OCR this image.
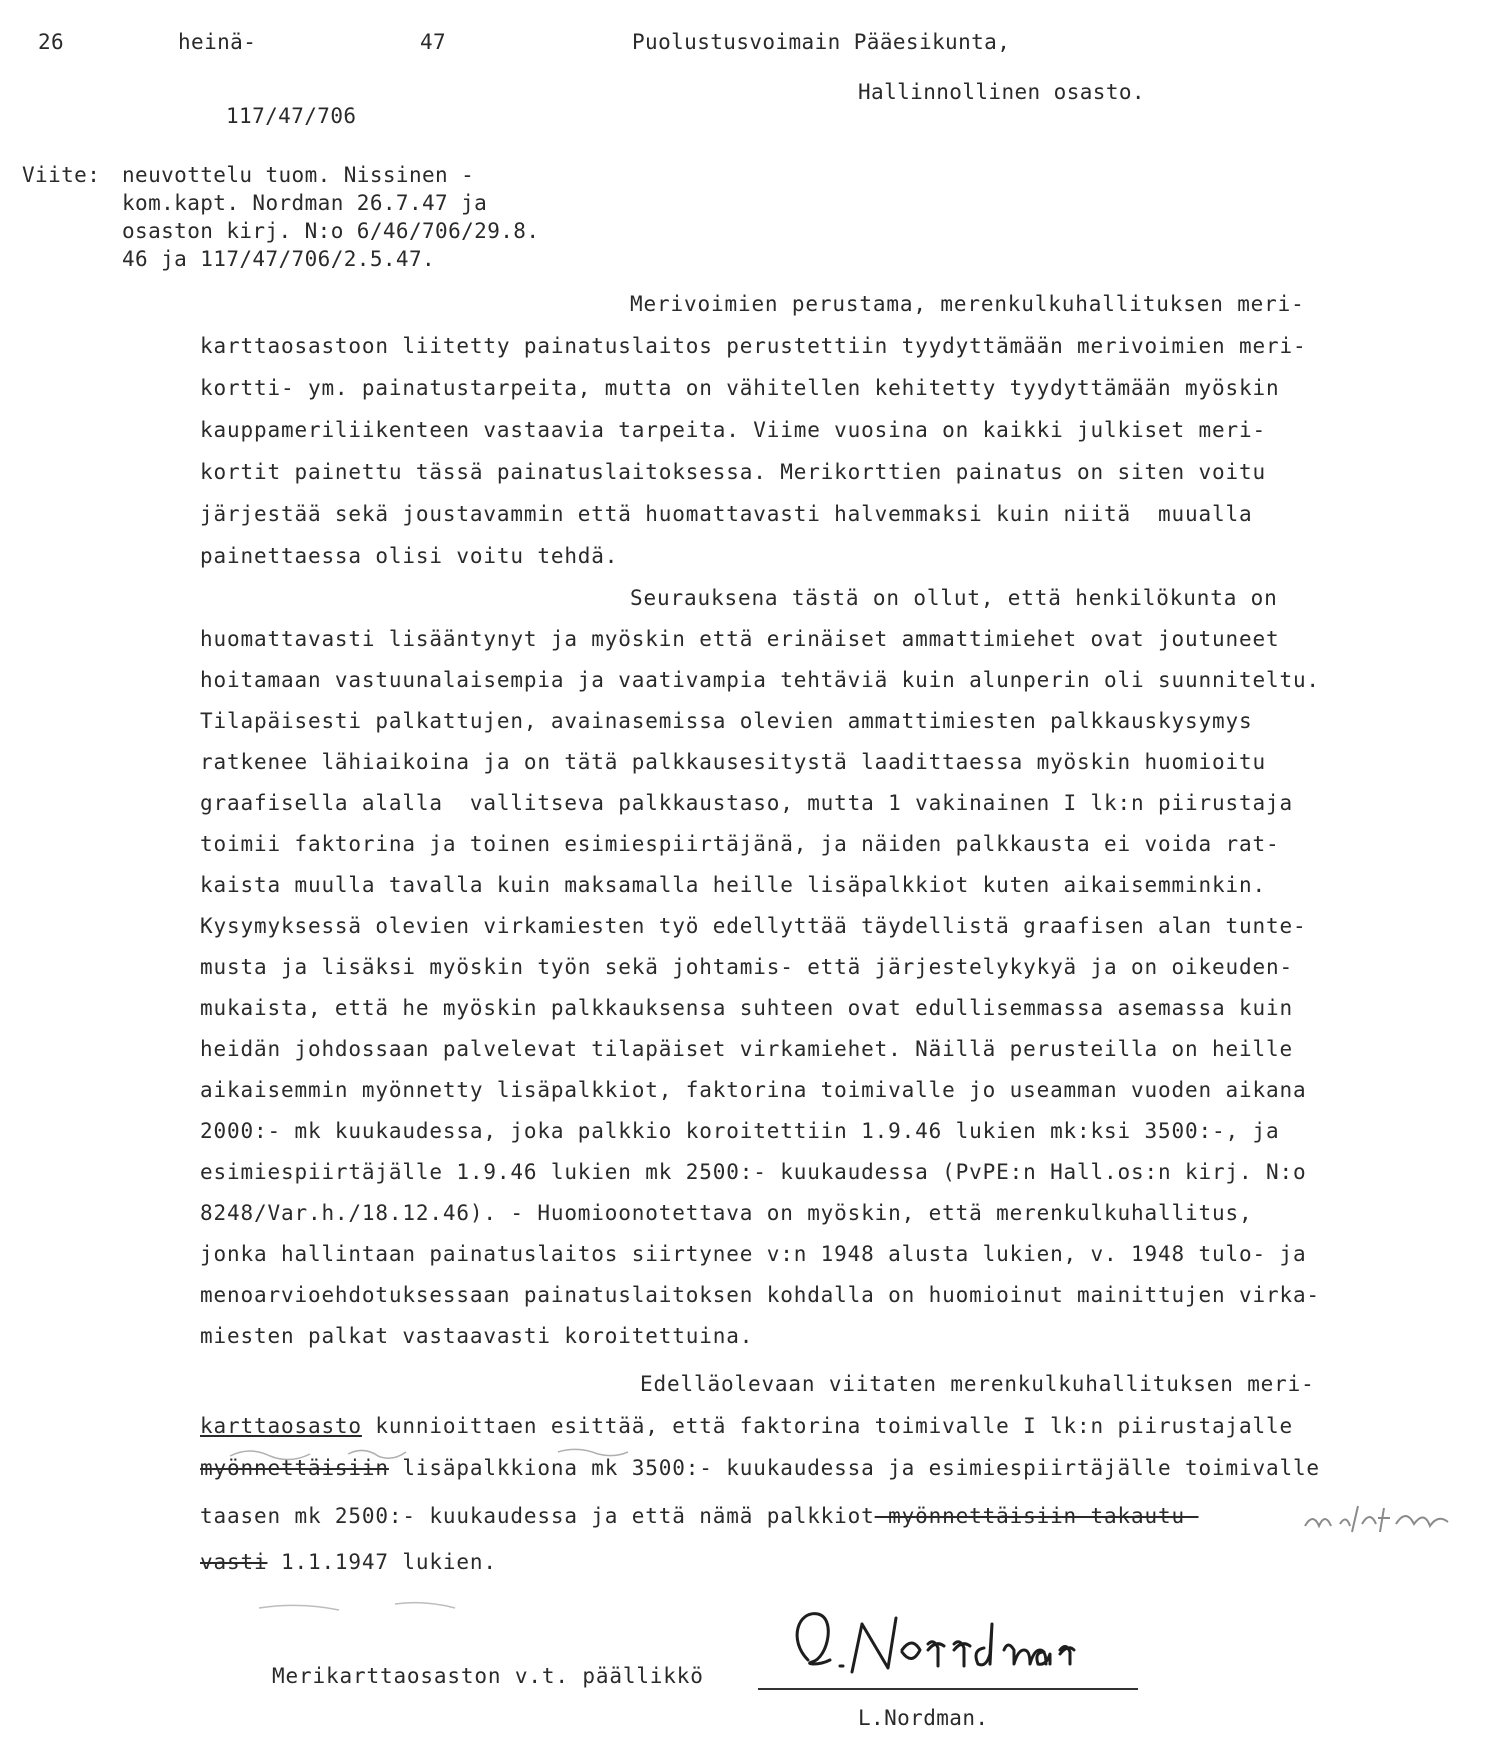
26	heinä-	47	Puolustusvoimain Pääesikunta,
Hallinnollinen osasto.
117/47/706
Viite: neuvottelu tuom. Nissinen -
kom.kapt. Nordman 26.7.47 ja
osaston kirj. N:o 6/46/706/29.8.
46 ja 117/47/706/2.5.47.
Merivoimien perustama, merenkulkuhallituksen meri-
karttaosastoon liitetty painatuslaitos perustettiin tyydyttämään merivoimien meri-
kortti- ym. painatustarpeita, mutta on vähitellen kehitetty tyydyttämään myöskin
kauppameriliikenteen vastaavia tarpeita. Viime vuosina on kaikki julkiset meri-
kortit painettu tässä painatuslaitoksessa. Merikorttien painatus on siten voitu
järjestää sekä joustavammin että huomattavasti halvemmaksi kuin niitä  muualla
painettaessa olisi voitu tehdä.
Seurauksena tästä on ollut, että henkilökunta on
huomattavasti lisääntynyt ja myöskin että erinäiset ammattimiehet ovat joutuneet
hoitamaan vastuunalaisempia ja vaativampia tehtäviä kuin alunperin oli suunniteltu.
Tilapäisesti palkattujen, avainasemissa olevien ammattimiesten palkkauskysymys
ratkenee lähiaikoina ja on tätä palkkausesitystä laadittaessa myöskin huomioitu
graafisella alalla  vallitseva palkkaustaso, mutta 1 vakinainen I lk:n piirustaja
toimii faktorina ja toinen esimiespiirtäjänä, ja näiden palkkausta ei voida rat-
kaista muulla tavalla kuin maksamalla heille lisäpalkkiot kuten aikaisemminkin.
Kysymyksessä olevien virkamiesten työ edellyttää täydellistä graafisen alan tunte-
musta ja lisäksi myöskin työn sekä johtamis- että järjestelykykyä ja on oikeuden-
mukaista, että he myöskin palkkauksensa suhteen ovat edullisemmassa asemassa kuin
heidän johdossaan palvelevat tilapäiset virkamiehet. Näillä perusteilla on heille
aikaisemmin myönnetty lisäpalkkiot, faktorina toimivalle jo useamman vuoden aikana
2000:- mk kuukaudessa, joka palkkio koroitettiin 1.9.46 lukien mk:ksi 3500:-, ja
esimiespiirtäjälle 1.9.46 lukien mk 2500:- kuukaudessa (PvPE:n Hall.os:n kirj. N:o
8248/Var.h./18.12.46). - Huomioonotettava on myöskin, että merenkulkuhallitus,
jonka hallintaan painatuslaitos siirtynee v:n 1948 alusta lukien, v. 1948 tulo- ja
menoarvioehdotuksessaan painatuslaitoksen kohdalla on huomioinut mainittujen virka-
miesten palkat vastaavasti koroitettuina.
Edelläolevaan viitaten merenkulkuhallituksen meri-
karttaosasto kunnioittaen esittää, että faktorina toimivalle I lk:n piirustajalle
myönnettäisiin lisäpalkkiona mk 3500:- kuukaudessa ja esimiespiirtäjälle toimivalle
taasen mk 2500:- kuukaudessa ja että nämä palkkiot-myönnettäisiin takautu-
vasti 1.1.1947 lukien.
Merikarttaosaston v.t. päällikkö
L.Nordman.
